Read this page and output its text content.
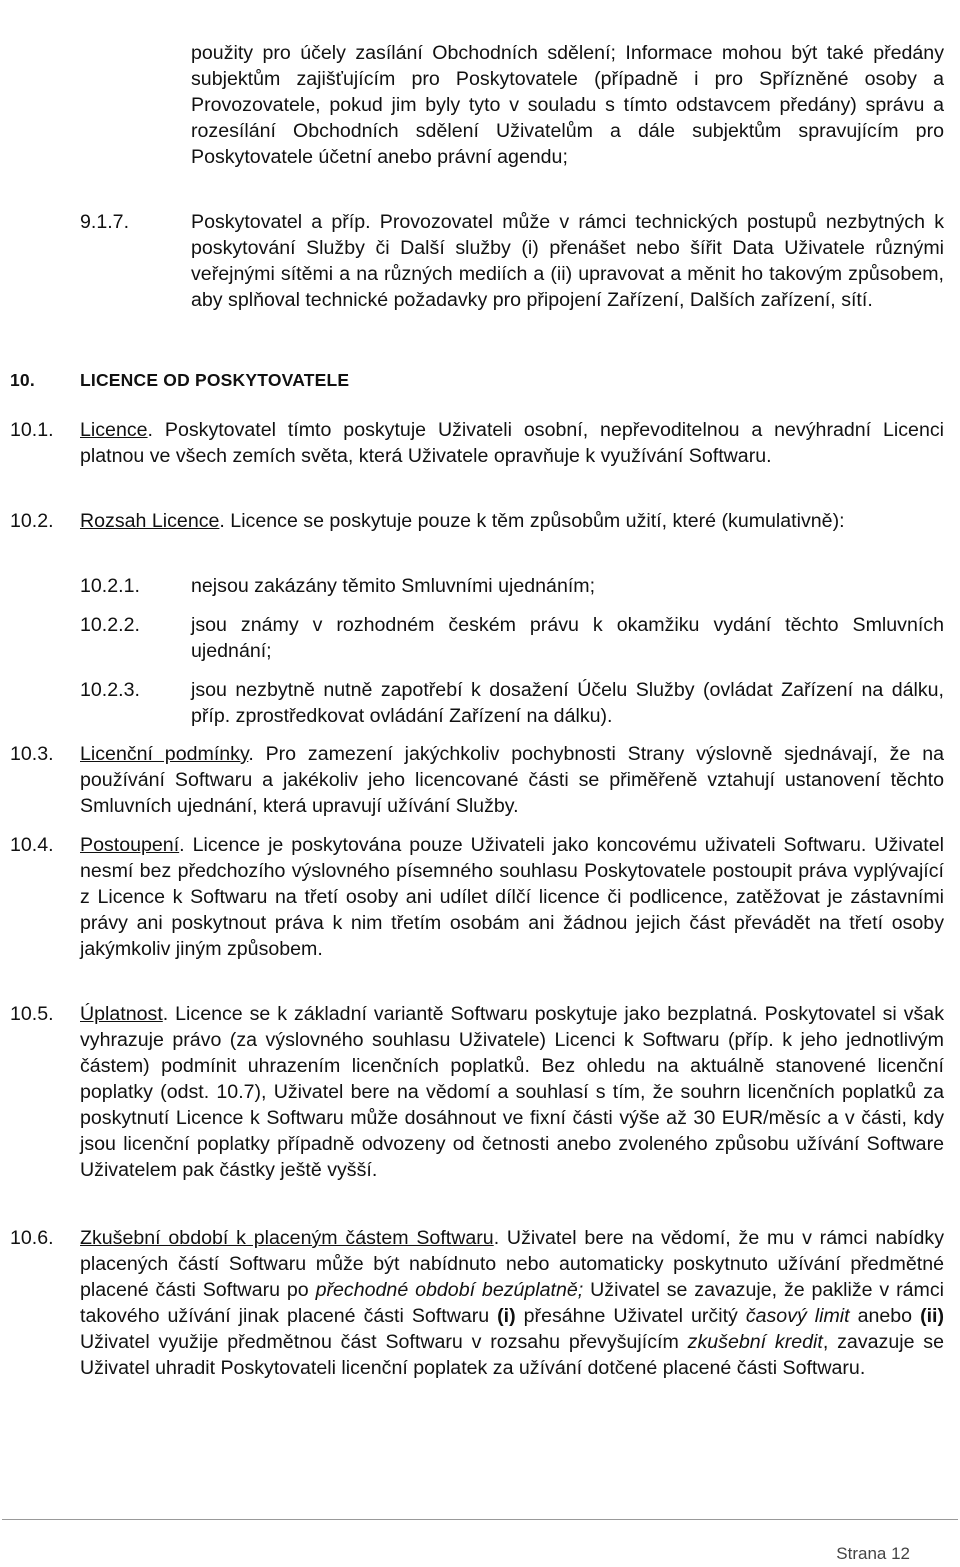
použity pro účely zasílání Obchodních sdělení; Informace mohou být také předány subjektům zajišťujícím pro Poskytovatele (případně i pro Spřízněné osoby a Provozovatele, pokud jim byly tyto v souladu s tímto odstavcem předány) správu a rozesílání Obchodních sdělení Uživatelům a dále subjektům spravujícím pro Poskytovatele účetní anebo právní agendu;
9.1.7.	Poskytovatel a příp. Provozovatel může v rámci technických postupů nezbytných k poskytování Služby či Další služby (i) přenášet nebo šířit Data Uživatele různými veřejnými sítěmi a na různých mediích a (ii) upravovat a měnit ho takovým způsobem, aby splňoval technické požadavky pro připojení Zařízení, Dalších zařízení, sítí.
10.	LICENCE OD POSKYTOVATELE
10.1. Licence. Poskytovatel tímto poskytuje Uživateli osobní, nepřevoditelnou a nevýhradní Licenci platnou ve všech zemích světa, která Uživatele opravňuje k využívání Softwaru.
10.2. Rozsah Licence. Licence se poskytuje pouze k těm způsobům užití, které (kumulativně):
10.2.1.	nejsou zakázány těmito Smluvními ujednáním;
10.2.2.	jsou známy v rozhodném českém právu k okamžiku vydání těchto Smluvních ujednání;
10.2.3.	jsou nezbytně nutně zapotřebí k dosažení Účelu Služby (ovládat Zařízení na dálku, příp. zprostředkovat ovládání Zařízení na dálku).
10.3. Licenční podmínky. Pro zamezení jakýchkoliv pochybnosti Strany výslovně sjednávají, že na používání Softwaru a jakékoliv jeho licencované části se přiměřeně vztahují ustanovení těchto Smluvních ujednání, která upravují užívání Služby.
10.4. Postoupení. Licence je poskytována pouze Uživateli jako koncovému uživateli Softwaru. Uživatel nesmí bez předchozího výslovného písemného souhlasu Poskytovatele postoupit práva vyplývající z Licence k Softwaru na třetí osoby ani udílet dílčí licence či podlicence, zatěžovat je zástavními právy ani poskytnout práva k nim třetím osobám ani žádnou jejich část převádět na třetí osoby jakýmkoliv jiným způsobem.
10.5. Úplatnost. Licence se k základní variantě Softwaru poskytuje jako bezplatná. Poskytovatel si však vyhrazuje právo (za výslovného souhlasu Uživatele) Licenci k Softwaru (příp. k jeho jednotlivým částem) podmínit uhrazením licenčních poplatků. Bez ohledu na aktuálně stanovené licenční poplatky (odst. 10.7), Uživatel bere na vědomí a souhlasí s tím, že souhrn licenčních poplatků za poskytnutí Licence k Softwaru může dosáhnout ve fixní části výše až 30 EUR/měsíc a v části, kdy jsou licenční poplatky případně odvozeny od četnosti anebo zvoleného způsobu užívání Software Uživatelem pak částky ještě vyšší.
10.6. Zkušební období k placeným částem Softwaru. Uživatel bere na vědomí, že mu v rámci nabídky placených částí Softwaru může být nabídnuto nebo automaticky poskytnuto užívání předmětné placené části Softwaru po přechodné období bezúplatně; Uživatel se zavazuje, že pakliže v rámci takového užívání jinak placené části Softwaru (i) přesáhne Uživatel určitý časový limit anebo (ii) Uživatel využije předmětnou část Softwaru v rozsahu převyšujícím zkušební kredit, zavazuje se Uživatel uhradit Poskytovateli licenční poplatek za užívání dotčené placené části Softwaru.
Strana 12
